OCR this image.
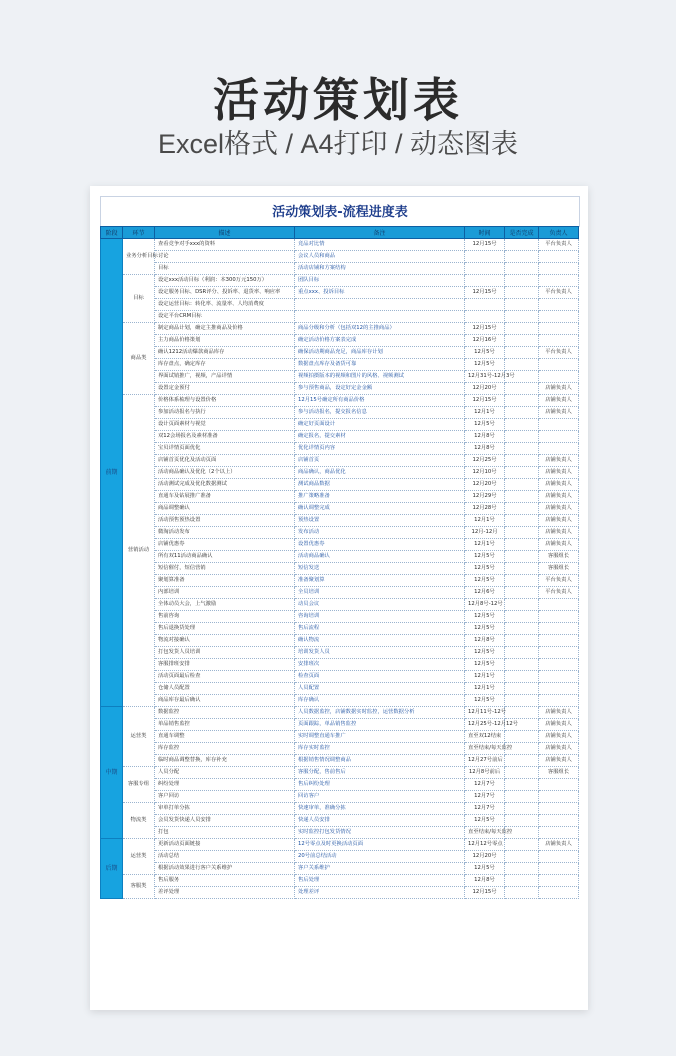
活动策划表
Excel格式 / A4打印 / 动态图表
活动策划表-流程进度表
阶段	环节	描述	备注	时间	是否完成	负责人
前期	业务分析目标	查看竞争对手xxx的资料	竞品对比情	12月15号		平台负责人
		讨论	会议人员和商品			
		目标	活动店铺和方案结构			
	目标	设定xxx活动目标（利润：本300万元150万）	团队目标			
		设定服务目标、DSR评分、投诉率、退货率、响应率	重点xxx、投诉目标	12月15号		平台负责人
		设定运营目标：转化率、流量率、人均消费度				
		设定平台CRM目标				
	商品类	制定商品计划，确定主推商品及价格	商品分级和分析（包括双12的主推商品）	12月15号		
		主力商品价格策划	确定活动价格方案表完成	12月16号		
		确认1212活动爆款商品库存	确保活动期商品充足，商品库存计划	12月5号		平台负责人
		库存盘点，确定库存	数据盘点库存及备货可靠	12月5号		
		界面试销推广，视频，产品详情	视频拍摄版本的视频和图片的风格、视频测试	12月31号-12月3号		
		设置定金预付	参与预售商品，设定好定金金额	12月20号		店铺负责人
	营销活动	价格体系梳理与设置价格	12月15号确定所有商品价格	12月15号		店铺负责人
		参加活动报名与执行	参与活动报名，提交报名信息	12月1号		店铺负责人
		设计页面素材与视觉	确定好页面设计	12月5号		
		双12会场报名及素材准备	确定报名，提交素材	12月8号		
		宝贝详情页面优化	优化详情页内容	12月8号		
		店铺首页优化及活动页面	店铺首页	12月25号		店铺负责人
		活动商品确认及优化（2个以上）	商品确认，商品优化	12月10号		店铺负责人
		活动测试完成及优化数据测试	测试商品数据	12月20号		店铺负责人
		直通车及钻展推广准备	推广策略准备	12月29号		店铺负责人
		商品调整确认	确认调整完成	12月28号		店铺负责人
		活动预售预热设置	预热设置	12月1号		店铺负责人
		微淘活动发布	发布活动	12月-12月		店铺负责人
		店铺优惠券	设置优惠券	12月1号		店铺负责人
		所有双11活动商品确认	活动商品确认	12月5号		客服组长
		短信催付，短信营销	短信发送	12月5号		客服组长
		聚划算准备	准备聚划算	12月5号		平台负责人
		内部培训	全员培训	12月6号		平台负责人
		全体动员大会，上气激励	动员会议	12月8号-12号		
		售前咨询	咨询培训	12月5号		
		售后退换货处理	售后流程	12月5号		
		物流对接确认	确认物流	12月8号		
		打包发货人员培训	培训发货人员	12月5号		
		客服排班安排	安排班次	12月5号		
		活动页面最后检查	检查页面	12月1号		
		仓储人员配置	人员配置	12月1号		
		商品库存最后确认	库存确认	12月5号		
中期	运营类	数据监控	人员数据监控，店铺数据实时监控，运营数据分析	12月11号-12号		店铺负责人
		单品销售监控	页面跟踪，单品销售监控	12月25号-12月12号		店铺负责人
		直通车调整	实时调整直通车推广	直至双12结束		店铺负责人
		库存监控	库存实时监控	直至结束/每天监控		店铺负责人
		临时商品调整替换，库存补充	根据销售情况调整商品	12月27号前后		店铺负责人
	客服专组	人员分配	客服分配，售前售后	12月8号前后		客服组长
		纠纷处理	售后纠纷处理	12月7号		
		客户回访	回访客户	12月7号		
	物流类	审单打单分拣	快速审单，准确分拣	12月7号		
		会员发货快递人员安排	快递人员安排	12月5号		
		打包	实时监控打包发货情况	直至结束/每天监控		
后期	运营类	更新活动页面链接	12号零点及时更换活动页面	12月12号零点		店铺负责人
		活动总结	20号前总结活动	12月20号		
		根据活动效果进行客户关系维护	客户关系维护	12月5号		
	客服类	售后服务	售后处理	12月8号		
		差评处理	处理差评	12月15号		
